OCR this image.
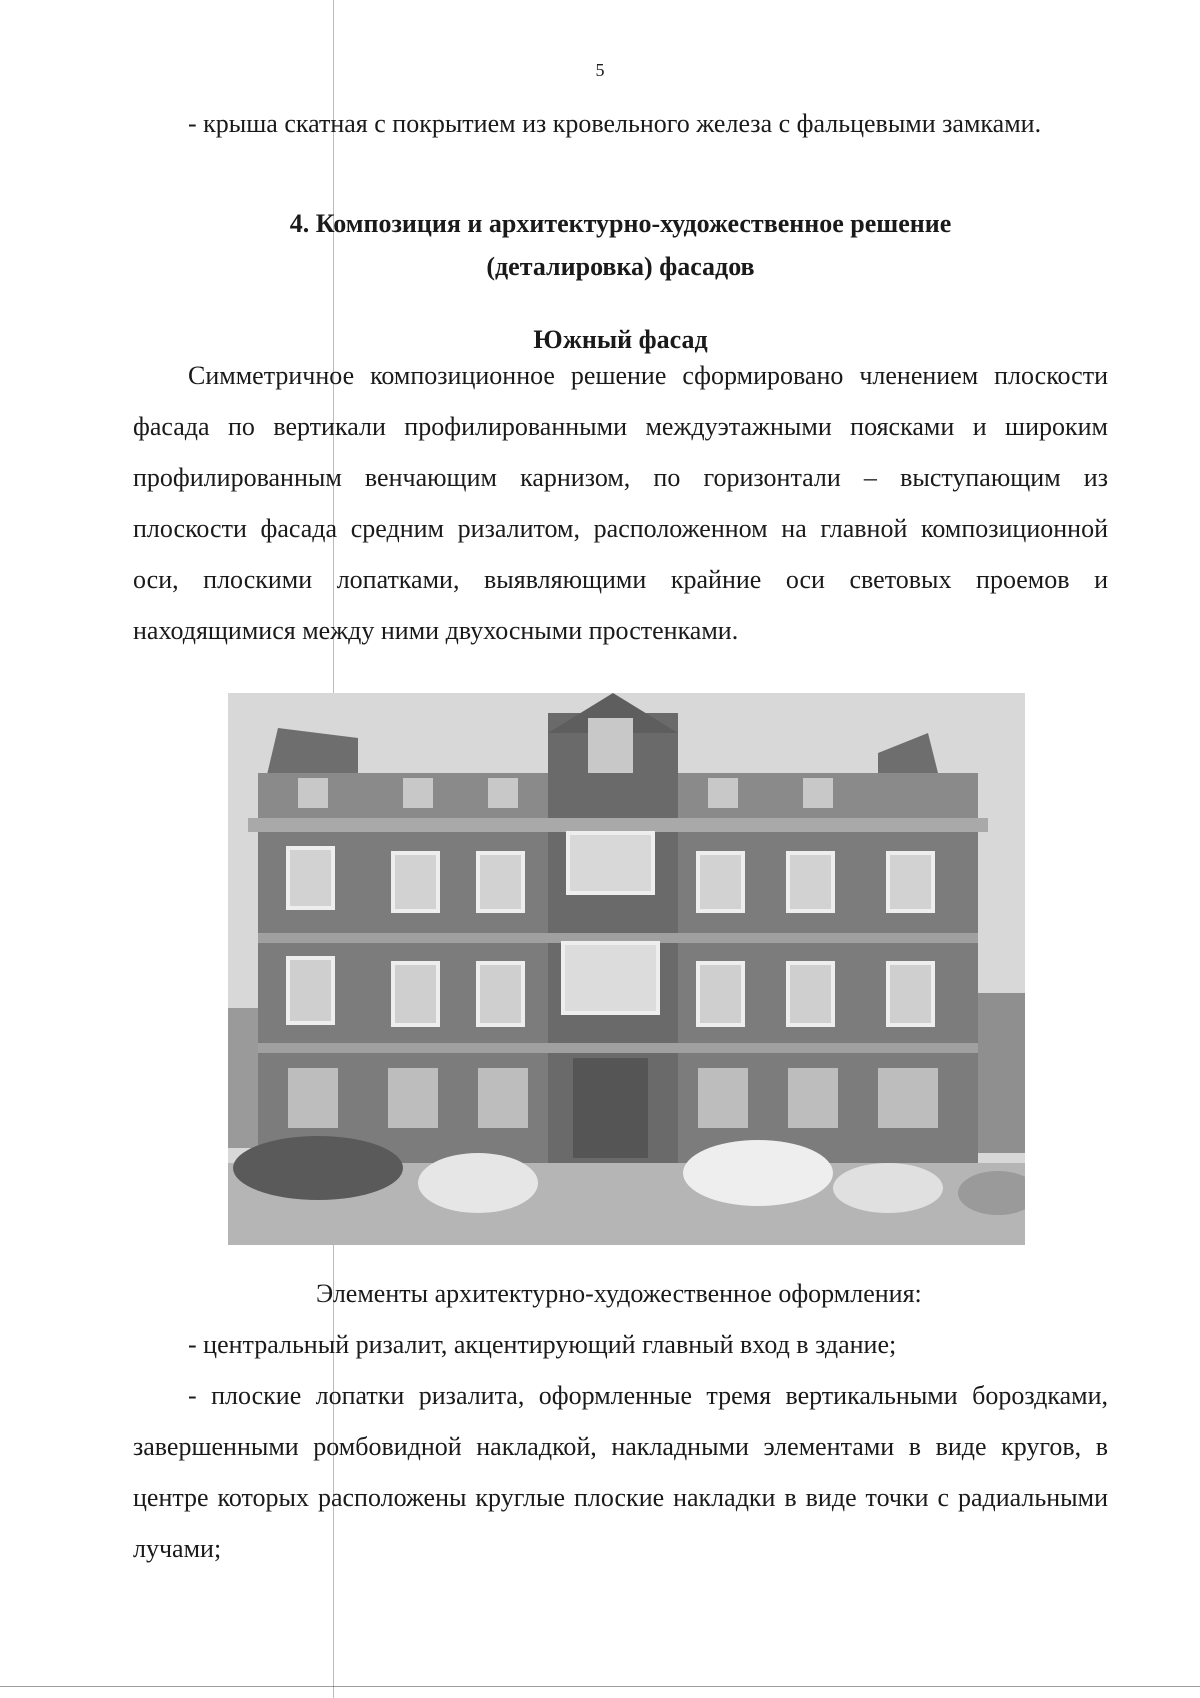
5

- крыша скатная с покрытием из кровельного железа с фальцевыми замками.

4. Композиция и архитектурно-художественное решение

(деталировка) фасадов

Южный фасад

Симметричное композиционное решение сформировано членением плоскости фасада по вертикали профилированными междуэтажными поясками и широким профилированным венчающим карнизом, по горизонтали – выступающим из плоскости фасада средним ризалитом, расположенном на главной композиционной оси, плоскими лопатками, выявляющими крайние оси световых проемов и находящимися между ними двухосными простенками.

Элементы архитектурно-художественное оформления:

- центральный ризалит, акцентирующий главный вход в здание;

- плоские лопатки ризалита, оформленные тремя вертикальными бороздками, завершенными ромбовидной накладкой, накладными элементами в виде кругов, в центре которых расположены круглые плоские накладки в виде точки с радиальными лучами;
